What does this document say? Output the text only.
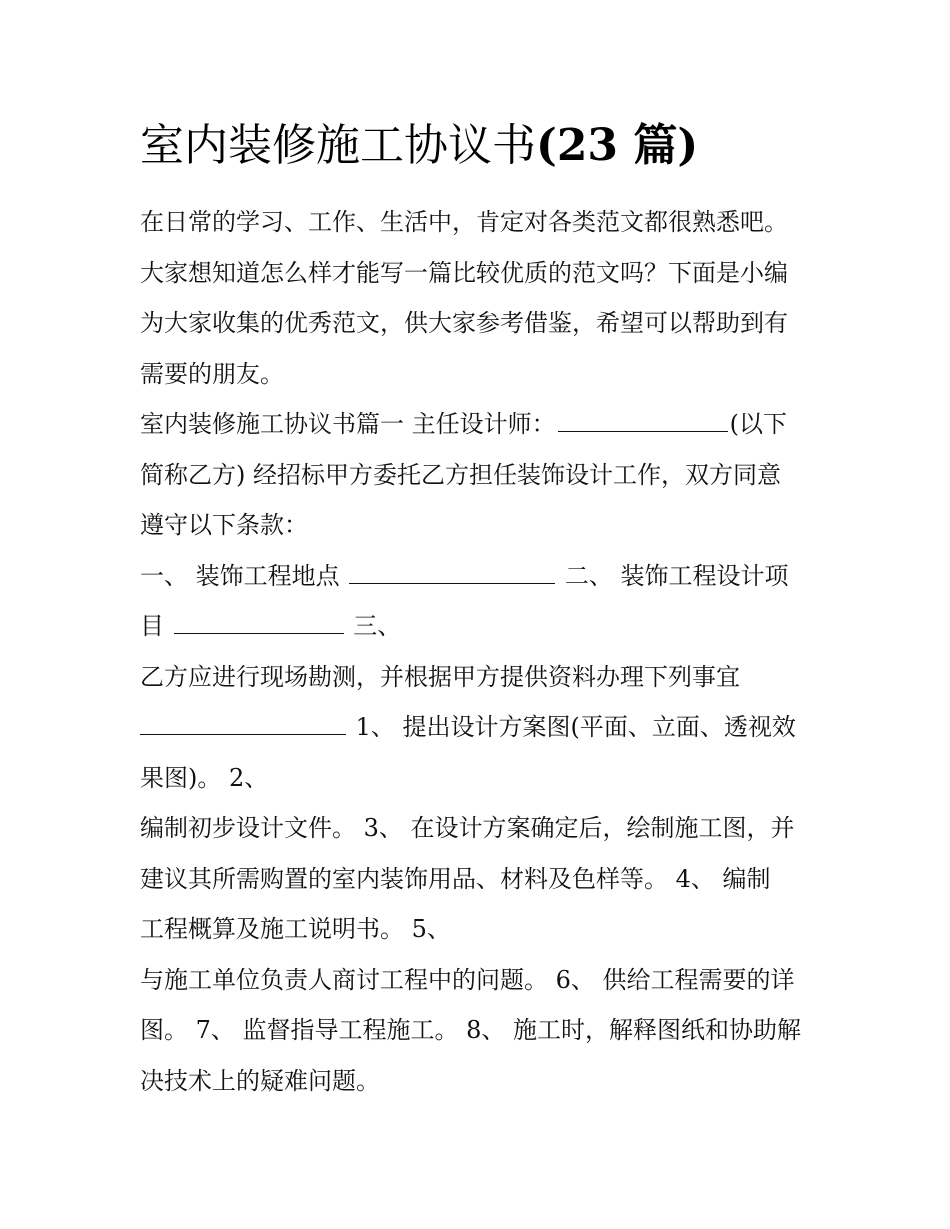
室内装修施工协议书(23 篇)
在日常的学习、工作、生活中，肯定对各类范文都很熟悉吧。
大家想知道怎么样才能写一篇比较优质的范文吗？下面是小编
为大家收集的优秀范文，供大家参考借鉴，希望可以帮助到有
需要的朋友。
室内装修施工协议书篇一 主任设计师：	(以下
简称乙方) 经招标甲方委托乙方担任装饰设计工作，双方同意
遵守以下条款：
一、 装饰工程地点	二、 装饰工程设计项
目	三、
乙方应进行现场勘测，并根据甲方提供资料办理下列事宜
1、 提出设计方案图(平面、立面、透视效
果图)。 2、
编制初步设计文件。 3、 在设计方案确定后，绘制施工图，并
建议其所需购置的室内装饰用品、材料及色样等。 4、 编制
工程概算及施工说明书。 5、
与施工单位负责人商讨工程中的问题。 6、 供给工程需要的详
图。 7、 监督指导工程施工。 8、 施工时，解释图纸和协助解
决技术上的疑难问题。
